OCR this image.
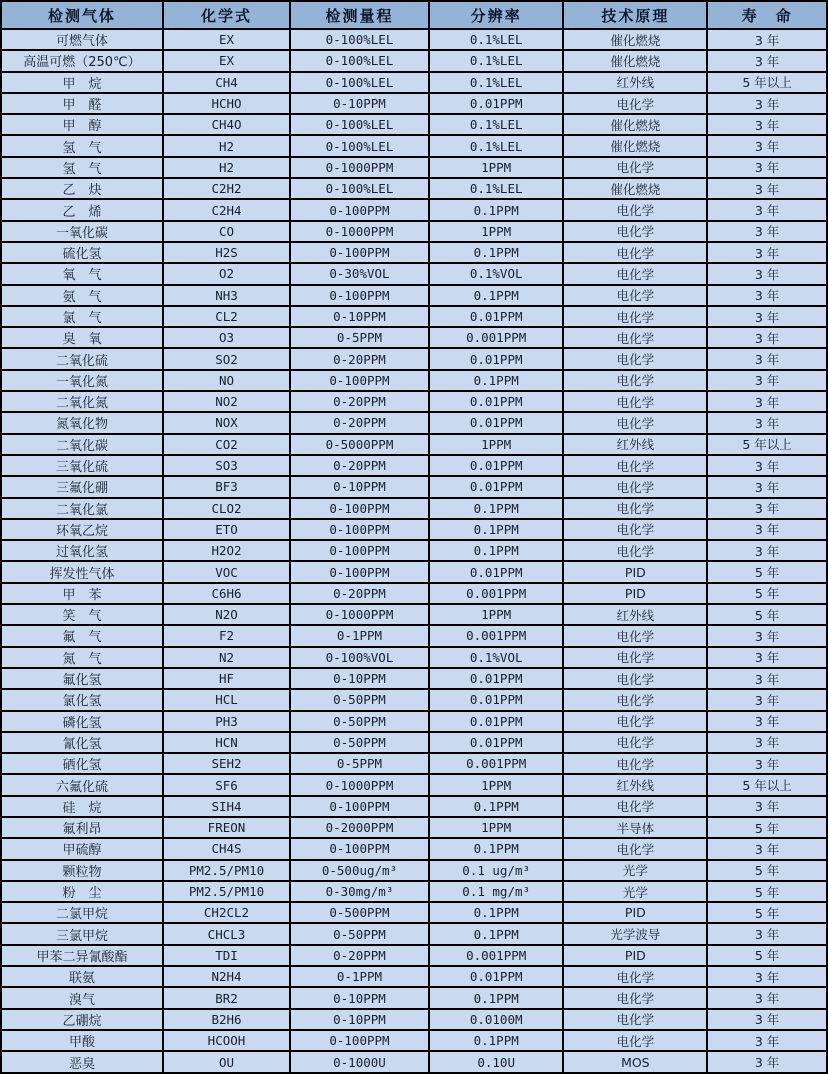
检测气体	化学式	检测量程	分辨率	技术原理	寿　命
可燃气体	EX	0-100%LEL	0.1%LEL	催化燃烧	3 年
高温可燃（250℃）	EX	0-100%LEL	0.1%LEL	催化燃烧	3 年
甲　烷	CH4	0-100%LEL	0.1%LEL	红外线	5 年以上
甲　醛	HCHO	0-10PPM	0.01PPM	电化学	3 年
甲　醇	CH4O	0-100%LEL	0.1%LEL	催化燃烧	3 年
氢　气	H2	0-100%LEL	0.1%LEL	催化燃烧	3 年
氢　气	H2	0-1000PPM	1PPM	电化学	3 年
乙　炔	C2H2	0-100%LEL	0.1%LEL	催化燃烧	3 年
乙　烯	C2H4	0-100PPM	0.1PPM	电化学	3 年
一氧化碳	CO	0-1000PPM	1PPM	电化学	3 年
硫化氢	H2S	0-100PPM	0.1PPM	电化学	3 年
氧　气	O2	0-30%VOL	0.1%VOL	电化学	3 年
氨　气	NH3	0-100PPM	0.1PPM	电化学	3 年
氯　气	CL2	0-10PPM	0.01PPM	电化学	3 年
臭　氧	O3	0-5PPM	0.001PPM	电化学	3 年
二氧化硫	SO2	0-20PPM	0.01PPM	电化学	3 年
一氧化氮	NO	0-100PPM	0.1PPM	电化学	3 年
二氧化氮	NO2	0-20PPM	0.01PPM	电化学	3 年
氮氧化物	NOX	0-20PPM	0.01PPM	电化学	3 年
二氧化碳	CO2	0-5000PPM	1PPM	红外线	5 年以上
三氧化硫	SO3	0-20PPM	0.01PPM	电化学	3 年
三氟化硼	BF3	0-10PPM	0.01PPM	电化学	3 年
二氧化氯	CLO2	0-100PPM	0.1PPM	电化学	3 年
环氧乙烷	ETO	0-100PPM	0.1PPM	电化学	3 年
过氧化氢	H2O2	0-100PPM	0.1PPM	电化学	3 年
挥发性气体	VOC	0-100PPM	0.01PPM	PID	5 年
甲　苯	C6H6	0-20PPM	0.001PPM	PID	5 年
笑　气	N2O	0-1000PPM	1PPM	红外线	5 年
氟　气	F2	0-1PPM	0.001PPM	电化学	3 年
氮　气	N2	0-100%VOL	0.1%VOL	电化学	3 年
氟化氢	HF	0-10PPM	0.01PPM	电化学	3 年
氯化氢	HCL	0-50PPM	0.01PPM	电化学	3 年
磷化氢	PH3	0-50PPM	0.01PPM	电化学	3 年
氰化氢	HCN	0-50PPM	0.01PPM	电化学	3 年
硒化氢	SEH2	0-5PPM	0.001PPM	电化学	3 年
六氟化硫	SF6	0-1000PPM	1PPM	红外线	5 年以上
硅　烷	SIH4	0-100PPM	0.1PPM	电化学	3 年
氟利昂	FREON	0-2000PPM	1PPM	半导体	5 年
甲硫醇	CH4S	0-100PPM	0.1PPM	电化学	3 年
颗粒物	PM2.5/PM10	0-500ug/m³	0.1 ug/m³	光学	5 年
粉　尘	PM2.5/PM10	0-30mg/m³	0.1 mg/m³	光学	5 年
二氯甲烷	CH2CL2	0-500PPM	0.1PPM	PID	5 年
三氯甲烷	CHCL3	0-50PPM	0.1PPM	光学波导	3 年
甲苯二异氰酸酯	TDI	0-20PPM	0.001PPM	PID	5 年
联氨	N2H4	0-1PPM	0.01PPM	电化学	3 年
溴气	BR2	0-10PPM	0.1PPM	电化学	3 年
乙硼烷	B2H6	0-10PPM	0.0100M	电化学	3 年
甲酸	HCOOH	0-100PPM	0.1PPM	电化学	3 年
恶臭	OU	0-1000U	0.10U	MOS	3 年
